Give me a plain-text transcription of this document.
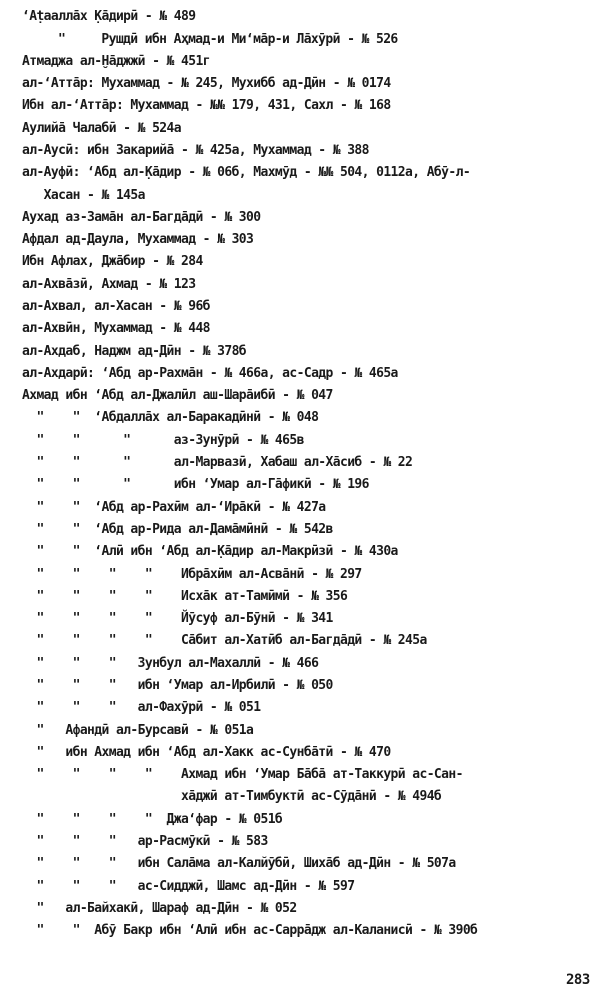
‘Аṭааллāх Ḳāдирӣ - № 489
"     Рушдӣ ибн Аҳмад-и Ми‘мāр-и Лāхӯрӣ - № 526
Атмаджа ал-Ḫāджжӣ - № 451г
ал-‘Аттāр: Мухаммад - № 245, Мухибб ад-Дӣн - № 0174
Ибн ал-‘Аттāр: Мухаммад - №№ 179, 431, Сахл - № 168
Аулийā Чалабӣ - № 524а
ал-Аусӣ: ибн Закарийā - № 425а, Мухаммад - № 388
ал-Ауфӣ: ‘Абд ал-Ḳāдир - № 06б, Махмӯд - №№ 504, 0112а, Абӯ-л-
Хасан - № 145а
Аухад аз-Замāн ал-Багдāдӣ - № 300
Афдал ад-Даула, Мухаммад - № 303
Ибн Афлах, Джāбир - № 284
ал-Ахвāзӣ, Ахмад - № 123
ал-Ахвал, ал-Хасан - № 96б
ал-Ахвӣн, Мухаммад - № 448
ал-Ахдаб, Наджм ад-Дӣн - № 378б
ал-Ахдарӣ: ‘Абд ар-Рахмāн - № 466а, ас-Садр - № 465а
Ахмад ибн ‘Абд ал-Джалӣл аш-Шарāибӣ - № 047
"    "  ‘Абдаллāх ал-Баракадӣнӣ - № 048
"    "      "      аз-Зунӯрӣ - № 465в
"    "      "      ал-Марвазӣ, Хабаш ал-Хāсиб - № 22
"    "      "      ибн ‘Умар ал-Гāфикӣ - № 196
"    "  ‘Абд ар-Рахӣм ал-‘Ирāкӣ - № 427а
"    "  ‘Абд ар-Рида ал-Дамāмӣнӣ - № 542в
"    "  ‘Алӣ ибн ‘Абд ал-Ḳāдир ал-Макрӣзӣ - № 430а
"    "    "    "    Ибрāхӣм ал-Асвāнӣ - № 297
"    "    "    "    Исхāк ат-Тамӣмӣ - № 356
"    "    "    "    Йӯсуф ал-Бӯнӣ - № 341
"    "    "    "    Сāбит ал-Хатӣб ал-Багдāдӣ - № 245а
"    "    "   Зунбул ал-Махаллӣ - № 466
"    "    "   ибн ‘Умар ал-Ирбилӣ - № 050
"    "    "   ал-Фахӯрӣ - № 051
"   Афандӣ ал-Бурсавӣ - № 051а
"   ибн Ахмад ибн ‘Абд ал-Хакк ас-Сунбāтӣ - № 470
"    "    "    "    Ахмад ибн ‘Умар Бāбā ат-Таккурӣ ас-Сан-
хāджӣ ат-Тимбуктӣ ас-Сӯдāнӣ - № 494б
"    "    "    "  Джа‘фар - № 051б
"    "    "   ар-Расмӯкӣ - № 583
"    "    "   ибн Салāма ал-Калйӯбӣ, Шихāб ад-Дӣн - № 507а
"    "    "   ас-Сидджӣ, Шамс ад-Дӣн - № 597
"   ал-Байхакӣ, Шараф ад-Дӣн - № 052
"    "  Абӯ Бакр ибн ‘Алӣ ибн ас-Саррāдж ал-Каланисӣ - № 390б
283
